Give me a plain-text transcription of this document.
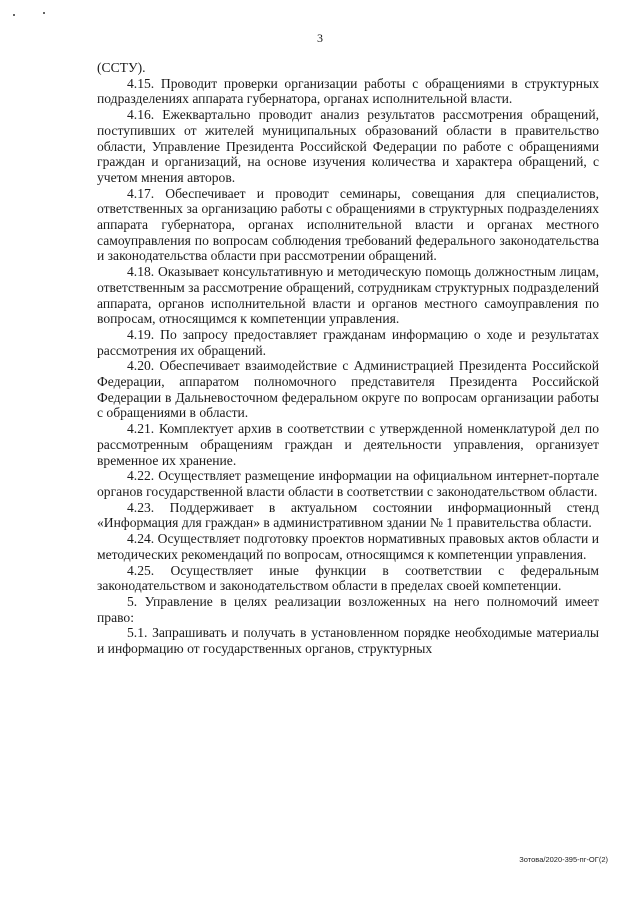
3

(ССТУ).

4.15. Проводит проверки организации работы с обращениями в структурных подразделениях аппарата губернатора, органах исполнительной власти.

4.16. Ежеквартально проводит анализ результатов рассмотрения обращений, поступивших от жителей муниципальных образований области в правительство области, Управление Президента Российской Федерации по работе с обращениями граждан и организаций, на основе изучения количества и характера обращений, с учетом мнения авторов.

4.17. Обеспечивает и проводит семинары, совещания для специалистов, ответственных за организацию работы с обращениями в структурных подразделениях аппарата губернатора, органах исполнительной власти и органах местного самоуправления по вопросам соблюдения требований федерального законодательства и законодательства области при рассмотрении обращений.

4.18. Оказывает консультативную и методическую помощь должностным лицам, ответственным за рассмотрение обращений, сотрудникам структурных подразделений аппарата, органов исполнительной власти и органов местного самоуправления по вопросам, относящимся к компетенции управления.

4.19. По запросу предоставляет гражданам информацию о ходе и результатах рассмотрения их обращений.

4.20. Обеспечивает взаимодействие с Администрацией Президента Российской Федерации, аппаратом полномочного представителя Президента Российской Федерации в Дальневосточном федеральном округе по вопросам организации работы с обращениями в области.

4.21. Комплектует архив в соответствии с утвержденной номенклатурой дел по рассмотренным обращениям граждан и деятельности управления, организует временное их хранение.

4.22. Осуществляет размещение информации на официальном интернет-портале органов государственной власти области в соответствии с законодательством области.

4.23. Поддерживает в актуальном состоянии информационный стенд «Информация для граждан» в административном здании № 1 правительства области.

4.24. Осуществляет подготовку проектов нормативных правовых актов области и методических рекомендаций по вопросам, относящимся к компетенции управления.

4.25. Осуществляет иные функции в соответствии с федеральным законодательством и законодательством области в пределах своей компетенции.

5. Управление в целях реализации возложенных на него полномочий имеет право:

5.1. Запрашивать и получать в установленном порядке необходимые материалы и информацию от государственных органов, структурных

Зотова/2020-395-пг-ОГ(2)
